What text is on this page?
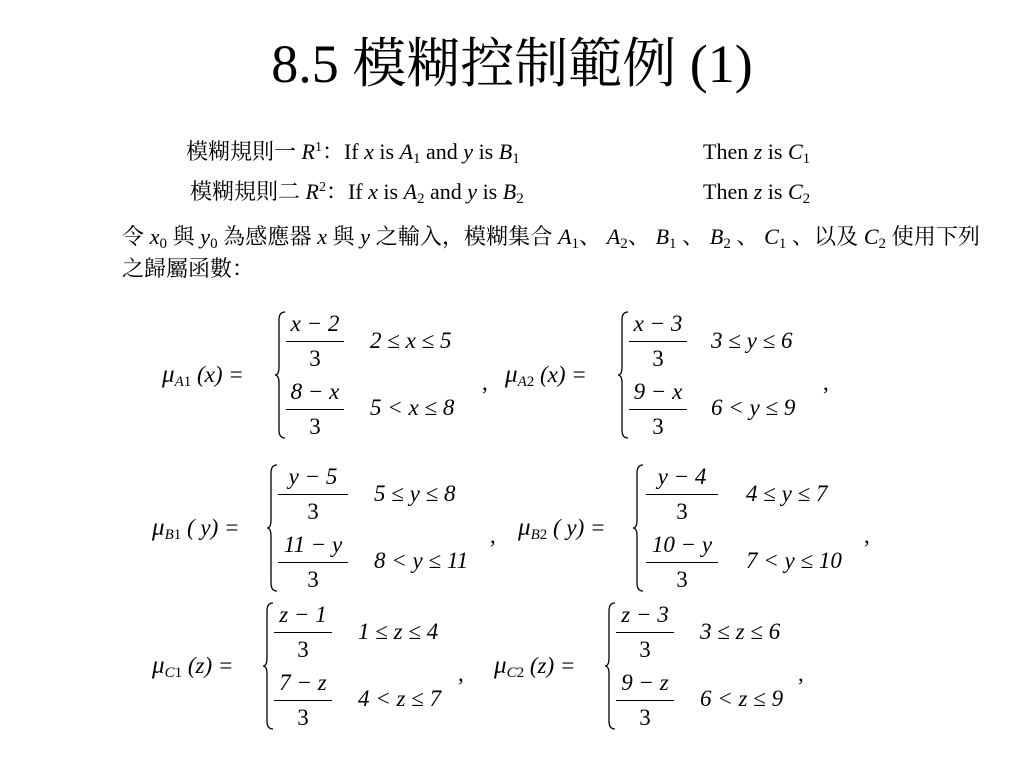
8.5 模糊控制範例 (1)
模糊規則一 $R^1$：If x is $A_1$ and y is $B_1$	Then z is $C_1$
模糊規則二 $R^2$：If x is $A_2$ and y is $B_2$	Then z is $C_2$
令 $x_0$ 與 $y_0$ 為感應器 x 與 y 之輸入，模糊集合 $A_1$、 $A_2$、 $B_1$ 、 $B_2$ 、 $C_1$ 、以及 $C_2$ 使用下列之歸屬函數：
$\mu_{A1}$ (x) =
x − 2
3
2 ≤ x ≤ 5
8 − x
3
5 < x ≤ 8
, $\mu_{A2}$ (x) =
x − 3
3
3 ≤ y ≤ 6
9 − x
3
6 < y ≤ 9
,
$\mu_{B1}$ ( y) =
y − 5
3
5 ≤ y ≤ 8
11 − y
3
8 < y ≤ 11
, $\mu_{B2}$ ( y) =
y − 4
3
4 ≤ y ≤ 7
10 − y
3
7 < y ≤ 10
,
$\mu_{C1}$ (z) =
z − 1
3
1 ≤ z ≤ 4
7 − z
3
4 < z ≤ 7
, $\mu_{C2}$ (z) =
z − 3
3
3 ≤ z ≤ 6
9 − z
3
6 < z ≤ 9
,
